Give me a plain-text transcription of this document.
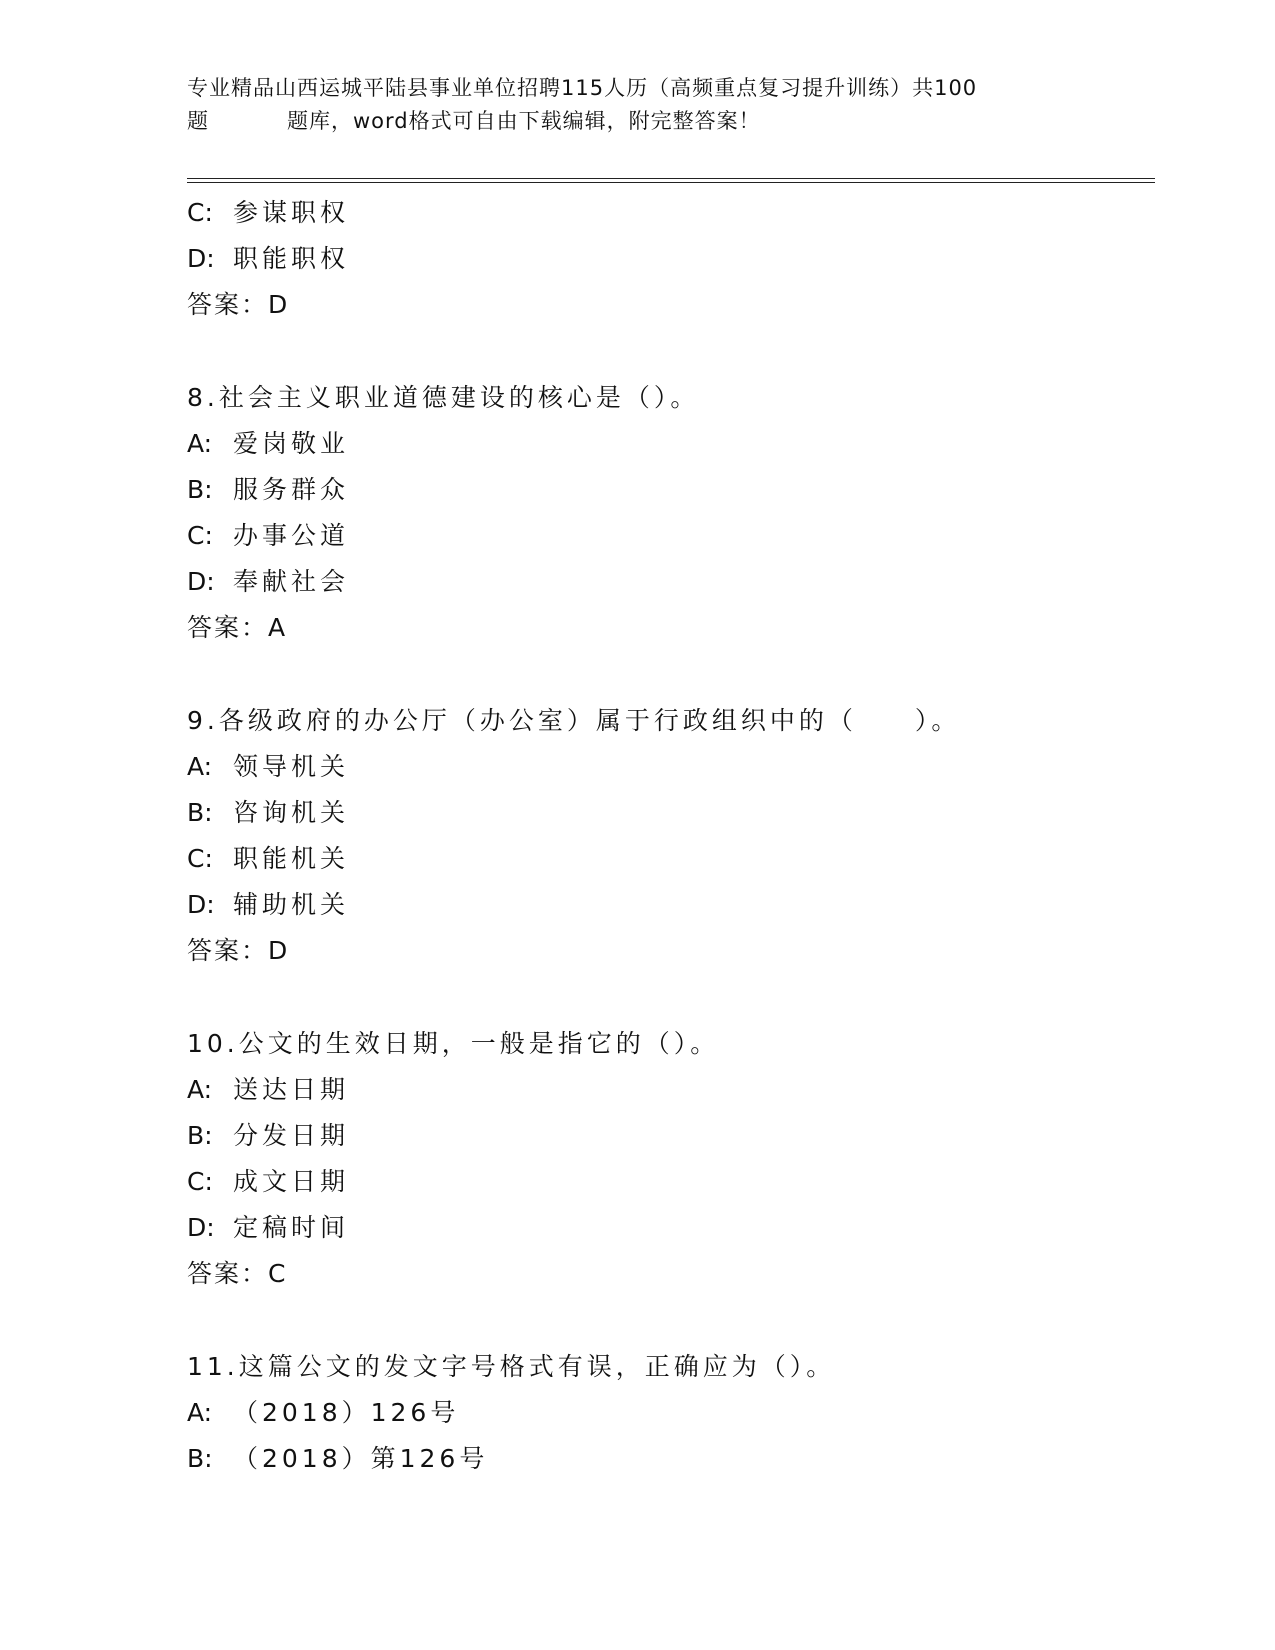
专业精品山西运城平陆县事业单位招聘115人历（高频重点复习提升训练）共100
题	题库，word格式可自由下载编辑，附完整答案！
C: 参谋职权
D: 职能职权
答案：D
8.社会主义职业道德建设的核心是（）。
A: 爱岗敬业
B: 服务群众
C: 办事公道
D: 奉献社会
答案：A
9.各级政府的办公厅（办公室）属于行政组织中的（　　）。
A: 领导机关
B: 咨询机关
C: 职能机关
D: 辅助机关
答案：D
10.公文的生效日期，一般是指它的（）。
A: 送达日期
B: 分发日期
C: 成文日期
D: 定稿时间
答案：C
11.这篇公文的发文字号格式有误，正确应为（）。
A: （2018）126号
B: （2018）第126号
